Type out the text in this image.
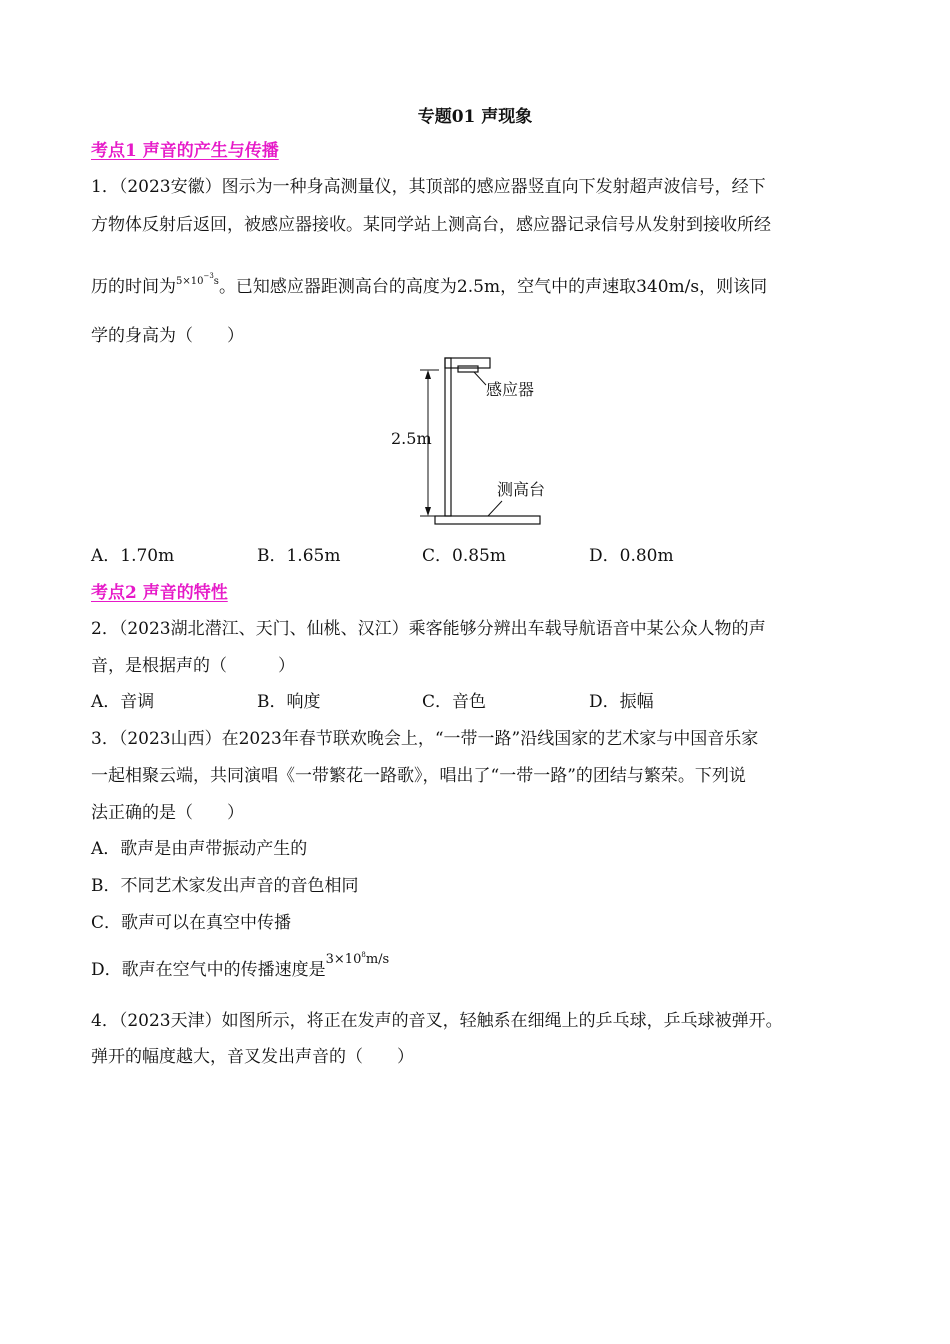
专题01 声现象
考点1 声音的产生与传播
1．（2023安徽）图示为一种身高测量仪，其顶部的感应器竖直向下发射超声波信号，经下
方物体反射后返回，被感应器接收。某同学站上测高台，感应器记录信号从发射到接收所经
历的时间为$^{5\times 10^{-3}s}$。已知感应器距测高台的高度为2.5m，空气中的声速取340m/s，则该同
学的身高为（　　）
感应器
2.5m
测高台
A．1.70m	B．1.65m	C．0.85m	D．0.80m
考点2 声音的特性
2．（2023湖北潜江、天门、仙桃、汉江）乘客能够分辨出车载导航语音中某公众人物的声
音，是根据声的（　　　）
A．音调	B．响度	C．音色	D．振幅
3．（2023山西）在2023年春节联欢晚会上，“一带一路”沿线国家的艺术家与中国音乐家
一起相聚云端，共同演唱《一带繁花一路歌》，唱出了“一带一路”的团结与繁荣。下列说
法正确的是（　　）
A．歌声是由声带振动产生的
B．不同艺术家发出声音的音色相同
C．歌声可以在真空中传播
D．歌声在空气中的传播速度是$^{3\times 10^8m/s}$
4．（2023天津）如图所示，将正在发声的音叉，轻触系在细绳上的乒乓球，乒乓球被弹开。
弹开的幅度越大，音叉发出声音的（　　）
